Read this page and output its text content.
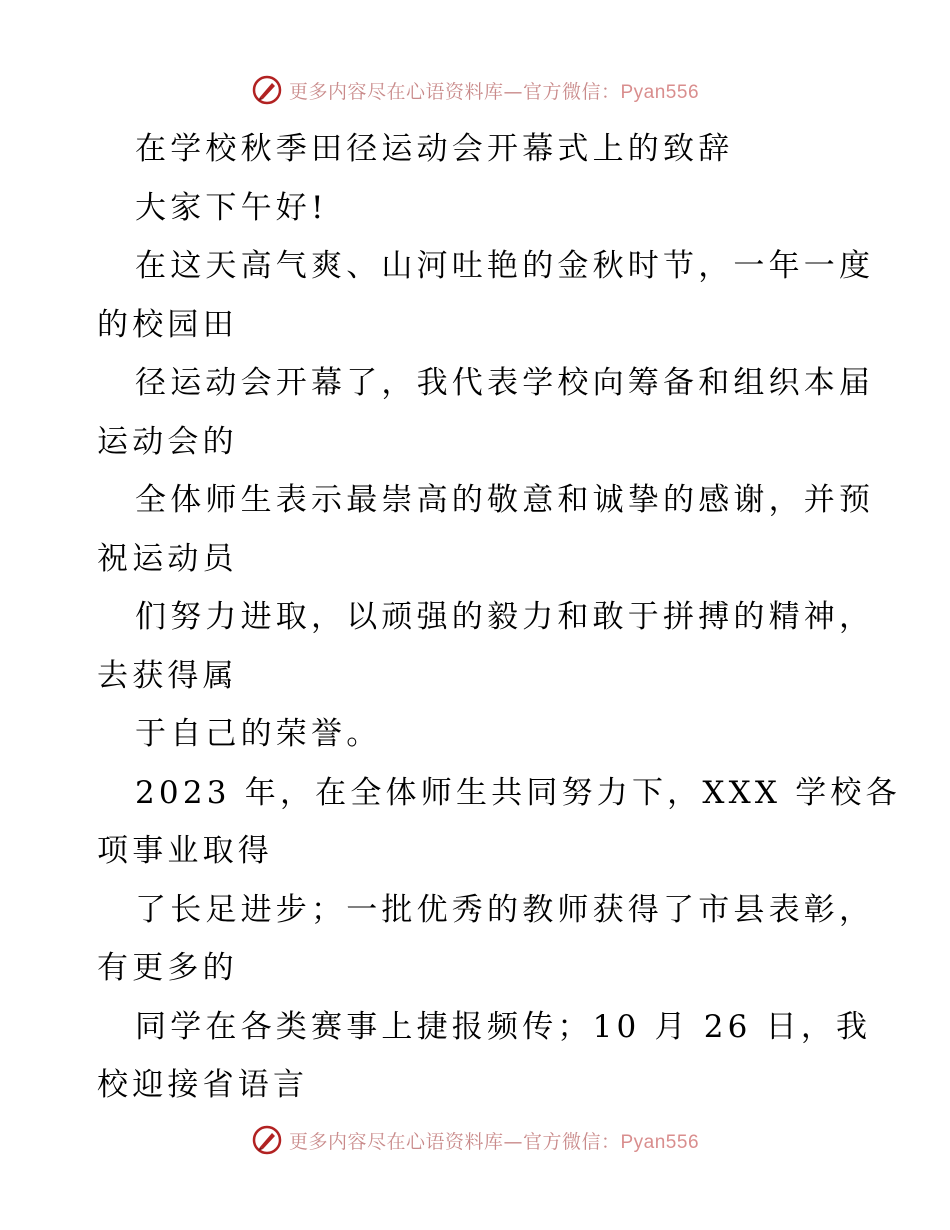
更多内容尽在心语资料库—官方微信：Pyan556
在学校秋季田径运动会开幕式上的致辞
大家下午好!
在这天高气爽、山河吐艳的金秋时节，一年一度
的校园田
径运动会开幕了，我代表学校向筹备和组织本届
运动会的
全体师生表示最崇高的敬意和诚挚的感谢，并预
祝运动员
们努力进取，以顽强的毅力和敢于拼搏的精神，
去获得属
于自己的荣誉。
2023 年，在全体师生共同努力下，XXX 学校各
项事业取得
了长足进步；一批优秀的教师获得了市县表彰，
有更多的
同学在各类赛事上捷报频传；10 月 26 日，我
校迎接省语言
更多内容尽在心语资料库—官方微信：Pyan556
